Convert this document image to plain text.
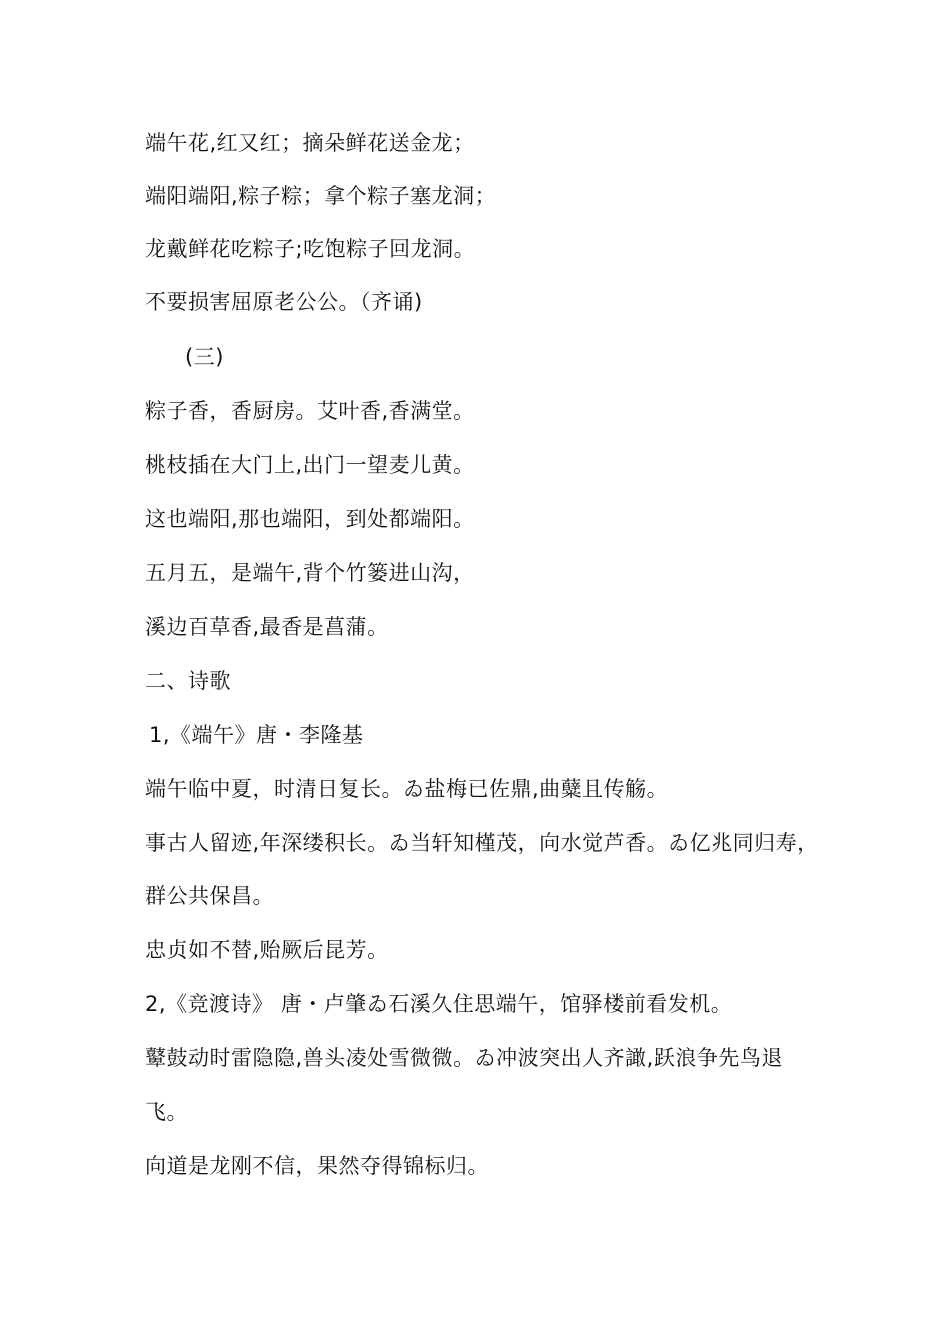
端午花,红又红；摘朵鲜花送金龙；
端阳端阳,粽子粽；拿个粽子塞龙洞；
龙戴鲜花吃粽子;吃饱粽子回龙洞。
不要损害屈原老公公。（齐诵)
(三)
粽子香，香厨房。艾叶香,香满堂。
桃枝插在大门上,出门一望麦儿黄。
这也端阳,那也端阳，到处都端阳。
五月五，是端午,背个竹篓进山沟，
溪边百草香,最香是菖蒲。
二、诗歌
1,《端午》唐・李隆基
端午临中夏，时清日复长。ゐ盐梅已佐鼎,曲糵且传觞。
事古人留迹,年深缕积长。ゐ当轩知槿茂，向水觉芦香。ゐ亿兆同归寿，
群公共保昌。
忠贞如不替,贻厥后昆芳。
2,《竞渡诗》 唐・卢肇ゐ石溪久住思端午，馆驿楼前看发机。
鼙鼓动时雷隐隐,兽头凌处雪微微。ゐ冲波突出人齐譀,跃浪争先鸟退
飞。
向道是龙刚不信，果然夺得锦标归。
